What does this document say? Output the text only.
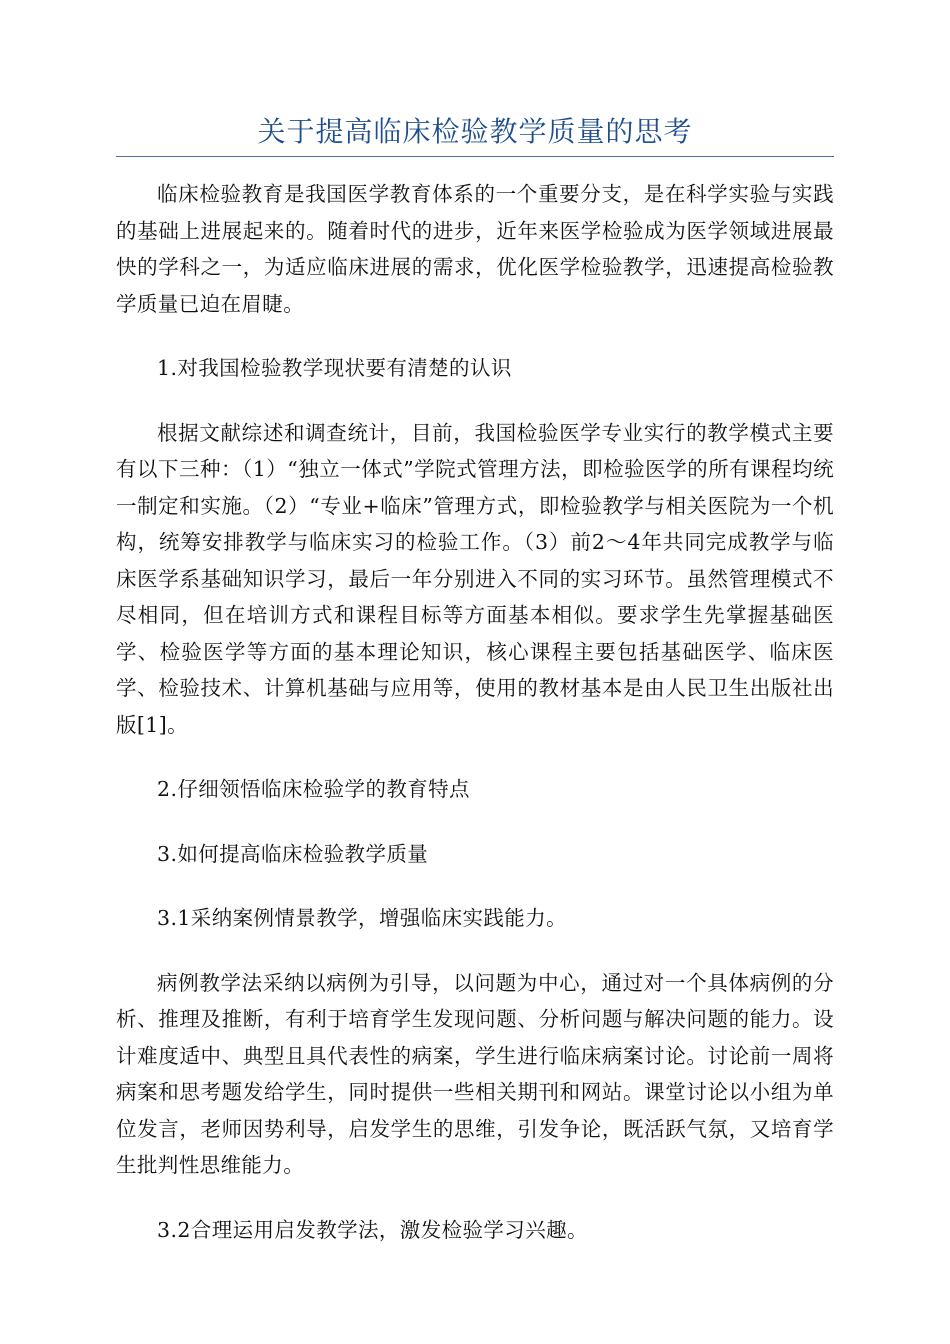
关于提高临床检验教学质量的思考

临床检验教育是我国医学教育体系的一个重要分支，是在科学实验与实践的基础上进展起来的。随着时代的进步，近年来医学检验成为医学领域进展最快的学科之一，为适应临床进展的需求，优化医学检验教学，迅速提高检验教学质量已迫在眉睫。

1.对我国检验教学现状要有清楚的认识

根据文献综述和调查统计，目前，我国检验医学专业实行的教学模式主要有以下三种：（1）“独立一体式”学院式管理方法，即检验医学的所有课程均统一制定和实施。（2）“专业+临床”管理方式，即检验教学与相关医院为一个机构，统筹安排教学与临床实习的检验工作。（3）前2～4年共同完成教学与临床医学系基础知识学习，最后一年分别进入不同的实习环节。虽然管理模式不尽相同，但在培训方式和课程目标等方面基本相似。要求学生先掌握基础医学、检验医学等方面的基本理论知识，核心课程主要包括基础医学、临床医学、检验技术、计算机基础与应用等，使用的教材基本是由人民卫生出版社出版[1]。

2.仔细领悟临床检验学的教育特点

3.如何提高临床检验教学质量

3.1采纳案例情景教学，增强临床实践能力。

病例教学法采纳以病例为引导，以问题为中心，通过对一个具体病例的分析、推理及推断，有利于培育学生发现问题、分析问题与解决问题的能力。设计难度适中、典型且具代表性的病案，学生进行临床病案讨论。讨论前一周将病案和思考题发给学生，同时提供一些相关期刊和网站。课堂讨论以小组为单位发言，老师因势利导，启发学生的思维，引发争论，既活跃气氛，又培育学生批判性思维能力。

3.2合理运用启发教学法，激发检验学习兴趣。
